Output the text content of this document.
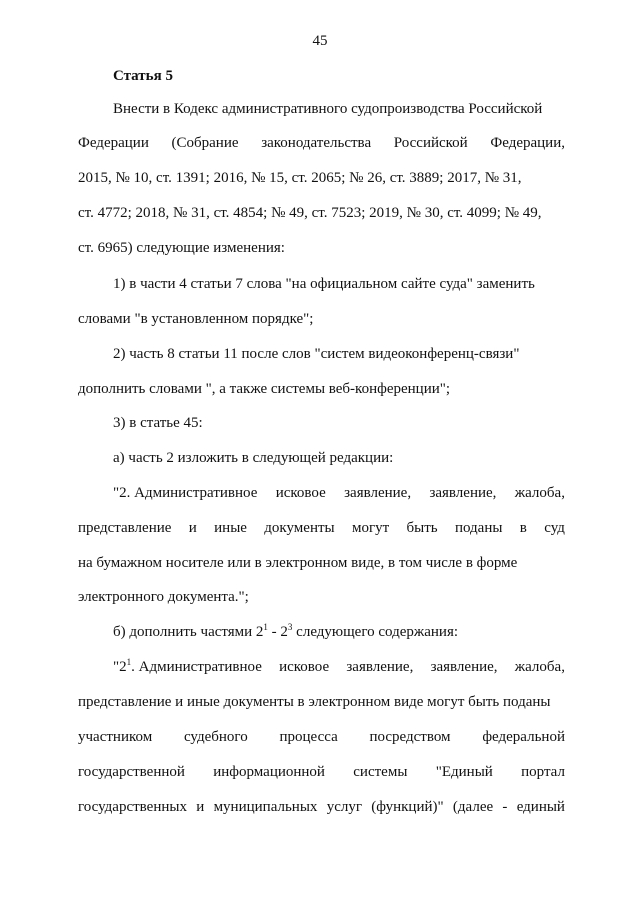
45
Статья 5
Внести в Кодекс административного судопроизводства Российской
Федерации (Собрание законодательства Российской Федерации,
2015, № 10, ст. 1391; 2016, № 15, ст. 2065; № 26, ст. 3889; 2017, № 31,
ст. 4772; 2018, № 31, ст. 4854; № 49, ст. 7523; 2019, № 30, ст. 4099; № 49,
ст. 6965) следующие изменения:
1) в части 4 статьи 7 слова "на официальном сайте суда" заменить
словами "в установленном порядке";
2) часть 8 статьи 11 после слов "систем видеоконференц-связи"
дополнить словами ", а также системы веб-конференции";
3) в статье 45:
а) часть 2 изложить в следующей редакции:
"2. Административное исковое заявление, заявление, жалоба,
представление и иные документы могут быть поданы в суд
на бумажном носителе или в электронном виде, в том числе в форме
электронного документа.";
б) дополнить частями $2^1 - 2^3$ следующего содержания:
"$2^1$. Административное исковое заявление, заявление, жалоба,
представление и иные документы в электронном виде могут быть поданы
участником судебного процесса посредством федеральной
государственной информационной системы "Единый портал
государственных и муниципальных услуг (функций)" (далее - единый
